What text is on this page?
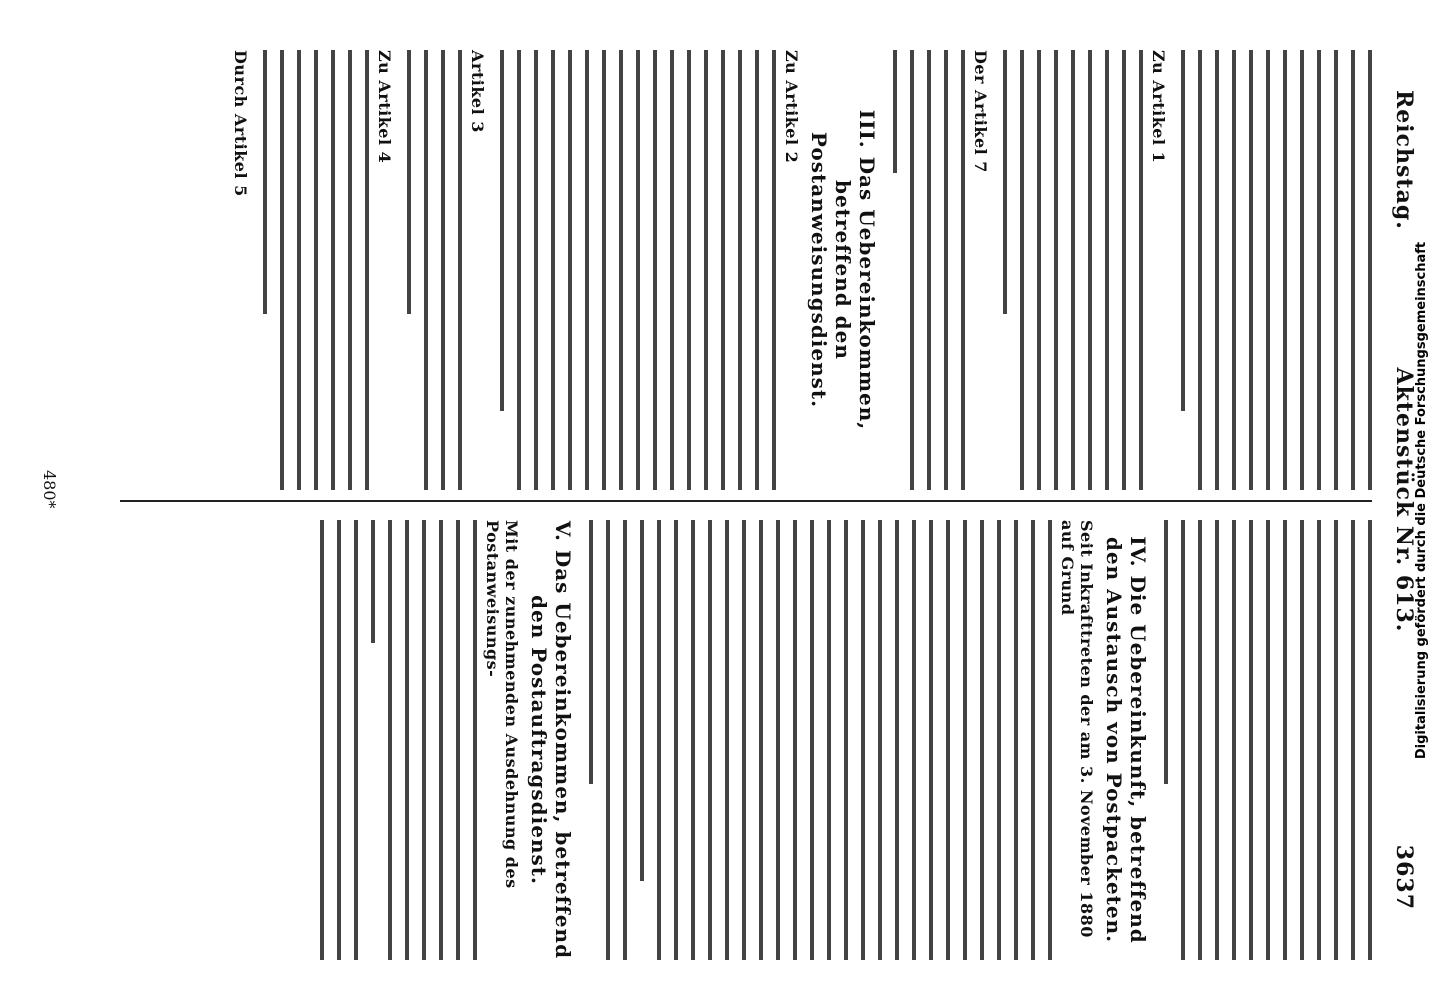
Reichstag.
Aktenstück Nr. 613.
3637
Zu Artikel 1
Der Artikel 7
III. Das Uebereinkommen, betreffend den Postanweisungsdienst.
Zu Artikel 2
Artikel 3
Zu Artikel 4
Durch Artikel 5
IV. Die Uebereinkunft, betreffend den Austausch von Postpacketen.
Seit Inkrafttreten der am 3. November 1880 auf Grund
V. Das Uebereinkommen, betreffend den Postauftragsdienst.
Mit der zunehmenden Ausdehnung des Postanweisungs-
480*	Digitalisierung gefördert durch die Deutsche Forschungsgemeinschaft
